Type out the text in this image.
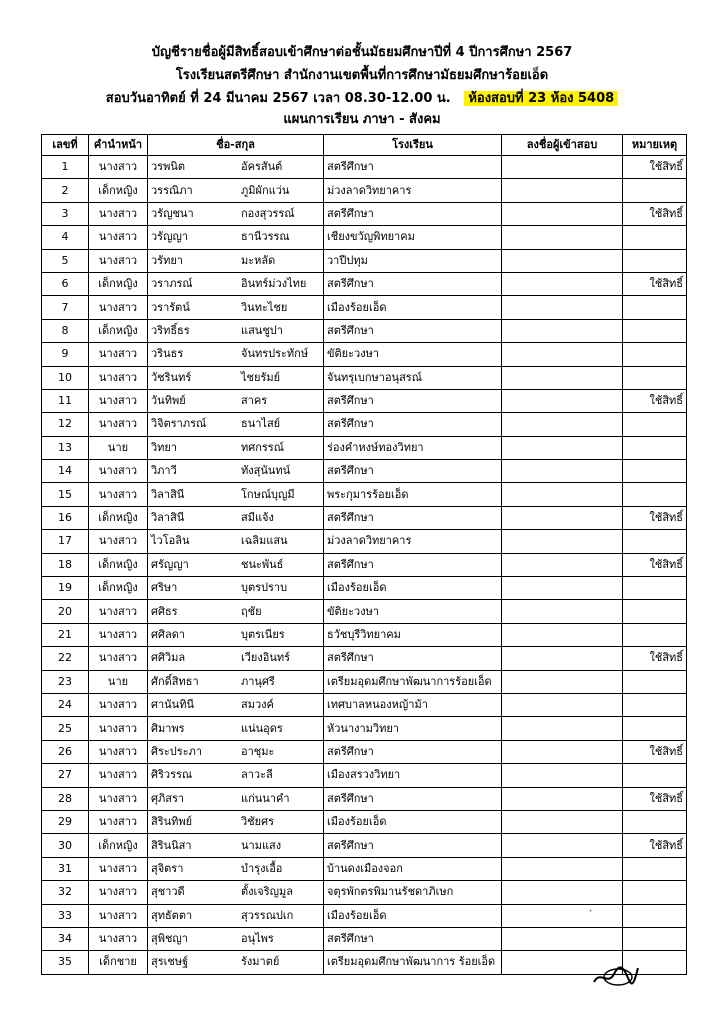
บัญชีรายชื่อผู้มีสิทธิ์สอบเข้าศึกษาต่อชั้นมัธยมศึกษาปีที่ 4 ปีการศึกษา 2567
โรงเรียนสตรีศึกษา สำนักงานเขตพื้นที่การศึกษามัธยมศึกษาร้อยเอ็ด
สอบวันอาทิตย์ ที่ 24 มีนาคม 2567 เวลา 08.30-12.00 น. ห้องสอบที่ 23 ห้อง 5408
แผนการเรียน ภาษา - สังคม
เลขที่	คำนำหน้า	ชื่อ-สกุล	โรงเรียน	ลงชื่อผู้เข้าสอบ	หมายเหตุ
1	นางสาว	วรพนิต อัครสันต์	สตรีศึกษา		ใช้สิทธิ์
2	เด็กหญิง	วรรณิภา ภูมิผักแว่น	ม่วงลาดวิทยาคาร		
3	นางสาว	วรัญชนา กองสุวรรณ์	สตรีศึกษา		ใช้สิทธิ์
4	นางสาว	วรัญญา ธานีวรรณ	เชียงขวัญพิทยาคม		
5	นางสาว	วรัทยา มะหลัด	วาปีปทุม		
6	เด็กหญิง	วราภรณ์ อินทร์ม่วงไทย	สตรีศึกษา		ใช้สิทธิ์
7	นางสาว	วรารัตน์ วินทะไชย	เมืองร้อยเอ็ด		
8	เด็กหญิง	วริทธิ์ธร แสนชูปา	สตรีศึกษา		
9	นางสาว	วรินธร จันทรประทักษ์	ขัติยะวงษา		
10	นางสาว	วัชรินทร์ ไชยรัมย์	จันทรุเบกษาอนุสรณ์		
11	นางสาว	วันทิพย์ สาคร	สตรีศึกษา		ใช้สิทธิ์
12	นางสาว	วิจิตราภรณ์ ธนาไสย์	สตรีศึกษา		
13	นาย	วิทยา ทศกรรณ์	ร่องคำหงษ์ทองวิทยา		
14	นางสาว	วิภาวี ทังสุนันทน์	สตรีศึกษา		
15	นางสาว	วิลาสินี โกษณ์บุญมี	พระกุมารร้อยเอ็ด		
16	เด็กหญิง	วิลาสินี สมีแจ้ง	สตรีศึกษา		ใช้สิทธิ์
17	นางสาว	ไวโอลิน เฉลิมแสน	ม่วงลาดวิทยาคาร		
18	เด็กหญิง	ศรัญญา ชนะพันธ์	สตรีศึกษา		ใช้สิทธิ์
19	เด็กหญิง	ศริษา บุตรปราบ	เมืองร้อยเอ็ด		
20	นางสาว	ศศิธร ฤชัย	ขัติยะวงษา		
21	นางสาว	ศศิลดา บุตรเนียร	ธวัชบุรีวิทยาคม		
22	นางสาว	ศศิวิมล เวียงอินทร์	สตรีศึกษา		ใช้สิทธิ์
23	นาย	ศักดิ์สิทธา ภานุศรี	เตรียมอุดมศึกษาพัฒนาการร้อยเอ็ด		
24	นางสาว	ศานันทินี สมวงค์	เทศบาลหนองหญ้าม้า		
25	นางสาว	ศิมาพร แน่นอุดร	หัวนางามวิทยา		
26	นางสาว	ศิระประภา อาชุมะ	สตรีศึกษา		ใช้สิทธิ์
27	นางสาว	ศิริวรรณ ลาวะลี	เมืองสรวงวิทยา		
28	นางสาว	ศุภิสรา แก่นนาคำ	สตรีศึกษา		ใช้สิทธิ์
29	นางสาว	สิรินทิพย์ วิชัยศร	เมืองร้อยเอ็ด		
30	เด็กหญิง	สิรินนิสา นามแสง	สตรีศึกษา		ใช้สิทธิ์
31	นางสาว	สุจิตรา บำรุงเอื้อ	บ้านดงเมืองจอก		
32	นางสาว	สุชาวดี ตั้งเจริญมูล	จตุรพักตรพิมานรัชดาภิเษก		
33	นางสาว	สุทธัตตา สุวรรณปเก	เมืองร้อยเอ็ด		
34	นางสาว	สุพิชญา อนุไพร	สตรีศึกษา		
35	เด็กชาย	สุรเชษฐ์ รังมาตย์	เตรียมอุดมศึกษาพัฒนาการ ร้อยเอ็ด		
ˊ
